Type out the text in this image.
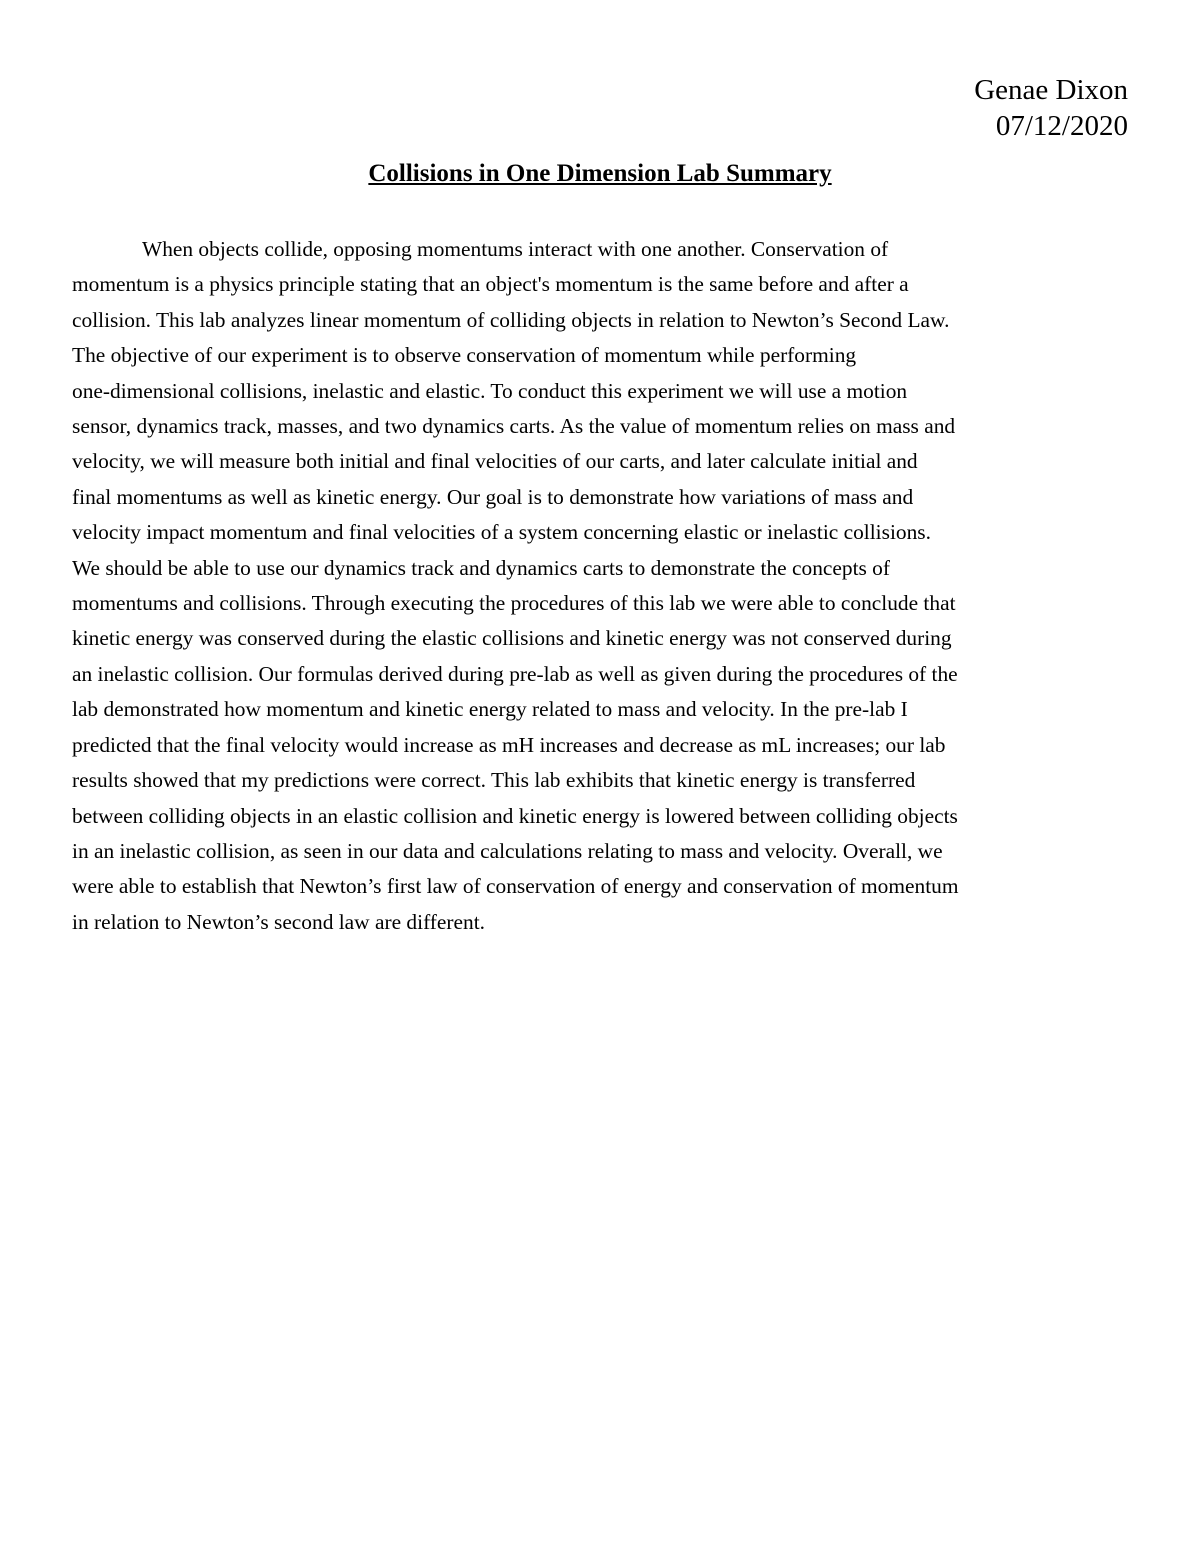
Genae Dixon
07/12/2020
Collisions in One Dimension Lab Summary

When objects collide, opposing momentums interact with one another. Conservation of
momentum is a physics principle stating that an object's momentum is the same before and after a
collision. This lab analyzes linear momentum of colliding objects in relation to Newton’s Second Law.
The objective of our experiment is to observe conservation of momentum while performing
one-dimensional collisions, inelastic and elastic. To conduct this experiment we will use a motion
sensor, dynamics track, masses, and two dynamics carts. As the value of momentum relies on mass and
velocity, we will measure both initial and final velocities of our carts, and later calculate initial and
final momentums as well as kinetic energy. Our goal is to demonstrate how variations of mass and
velocity impact momentum and final velocities of a system concerning elastic or inelastic collisions.
We should be able to use our dynamics track and dynamics carts to demonstrate the concepts of
momentums and collisions. Through executing the procedures of this lab we were able to conclude that
kinetic energy was conserved during the elastic collisions and kinetic energy was not conserved during
an inelastic collision. Our formulas derived during pre-lab as well as given during the procedures of the
lab demonstrated how momentum and kinetic energy related to mass and velocity. In the pre-lab I
predicted that the final velocity would increase as mH increases and decrease as mL increases; our lab
results showed that my predictions were correct. This lab exhibits that kinetic energy is transferred
between colliding objects in an elastic collision and kinetic energy is lowered between colliding objects
in an inelastic collision, as seen in our data and calculations relating to mass and velocity. Overall, we
were able to establish that Newton’s first law of conservation of energy and conservation of momentum
in relation to Newton’s second law are different.
